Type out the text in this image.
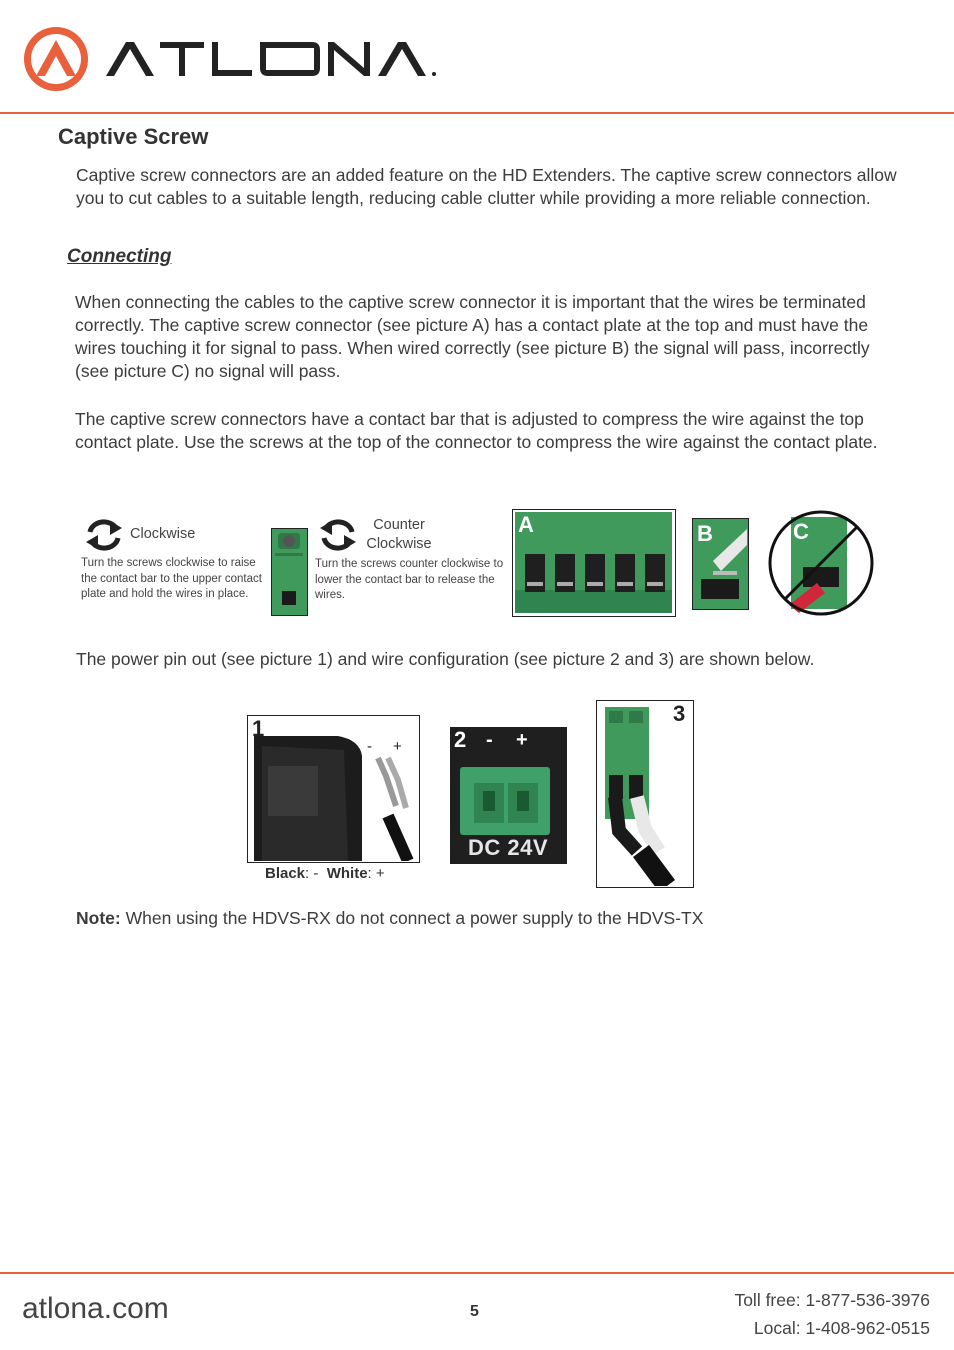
Captive Screw
Captive screw connectors are an added feature on the HD Extenders. The captive screw connectors allow you to cut cables to a suitable length, reducing cable clutter while providing a more reliable connection.
Connecting
When connecting the cables to the captive screw connector it is important that the wires be terminated correctly. The captive screw connector (see picture A) has a contact plate at the top and must have the wires touching it for signal to pass. When wired correctly (see picture B) the signal will pass, incorrectly (see picture C) no signal will pass.
The captive screw connectors have a contact bar that is adjusted to compress the wire against the top contact plate. Use the screws at the top of the connector to compress the wire against the contact plate.
Clockwise
Turn the screws clockwise to raise the contact bar to the upper contact plate and hold the wires in place.
Counter
Clockwise
Turn the screws counter clockwise to lower the contact bar to release the wires.
A	B	C
The power pin out (see picture 1) and wire configuration (see picture 2 and 3) are shown below.
1
- +
Black: - White: +
2 - +
DC 24V
3
Note: When using the HDVS-RX do not connect a power supply to the HDVS-TX
atlona.com	5
Toll free: 1-877-536-3976
Local: 1-408-962-0515
